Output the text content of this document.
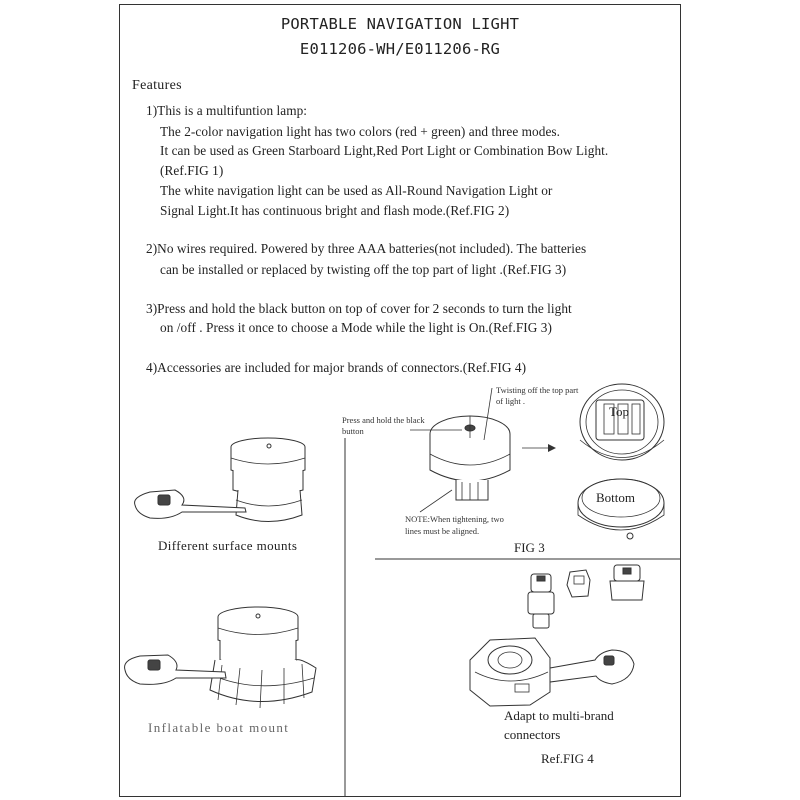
PORTABLE NAVIGATION LIGHT
E011206-WH/E011206-RG
Features
1)This is a multifuntion lamp:
The 2-color navigation light has two colors (red + green) and three modes.
It can be used as Green Starboard Light,Red Port Light or Combination Bow Light.
(Ref.FIG 1)
The white navigation light can be used as All-Round Navigation Light or
Signal Light.It has continuous bright and flash mode.(Ref.FIG 2)
2)No wires required. Powered by three AAA batteries(not included). The batteries
can be installed or replaced by twisting off the top part of light .(Ref.FIG 3)
3)Press and hold the black button on top of cover for 2 seconds to turn the light
on /off . Press it once to choose a Mode while the light is On.(Ref.FIG 3)
4)Accessories are included for major brands of connectors.(Ref.FIG 4)
Twisting off the top part
of light .
Press and hold the black
button
NOTE:When tightening, two
lines must be aligned.
Top
Bottom
FIG 3
Different surface mounts
Inflatable boat mount
Adapt to multi-brand
connectors
Ref.FIG 4
